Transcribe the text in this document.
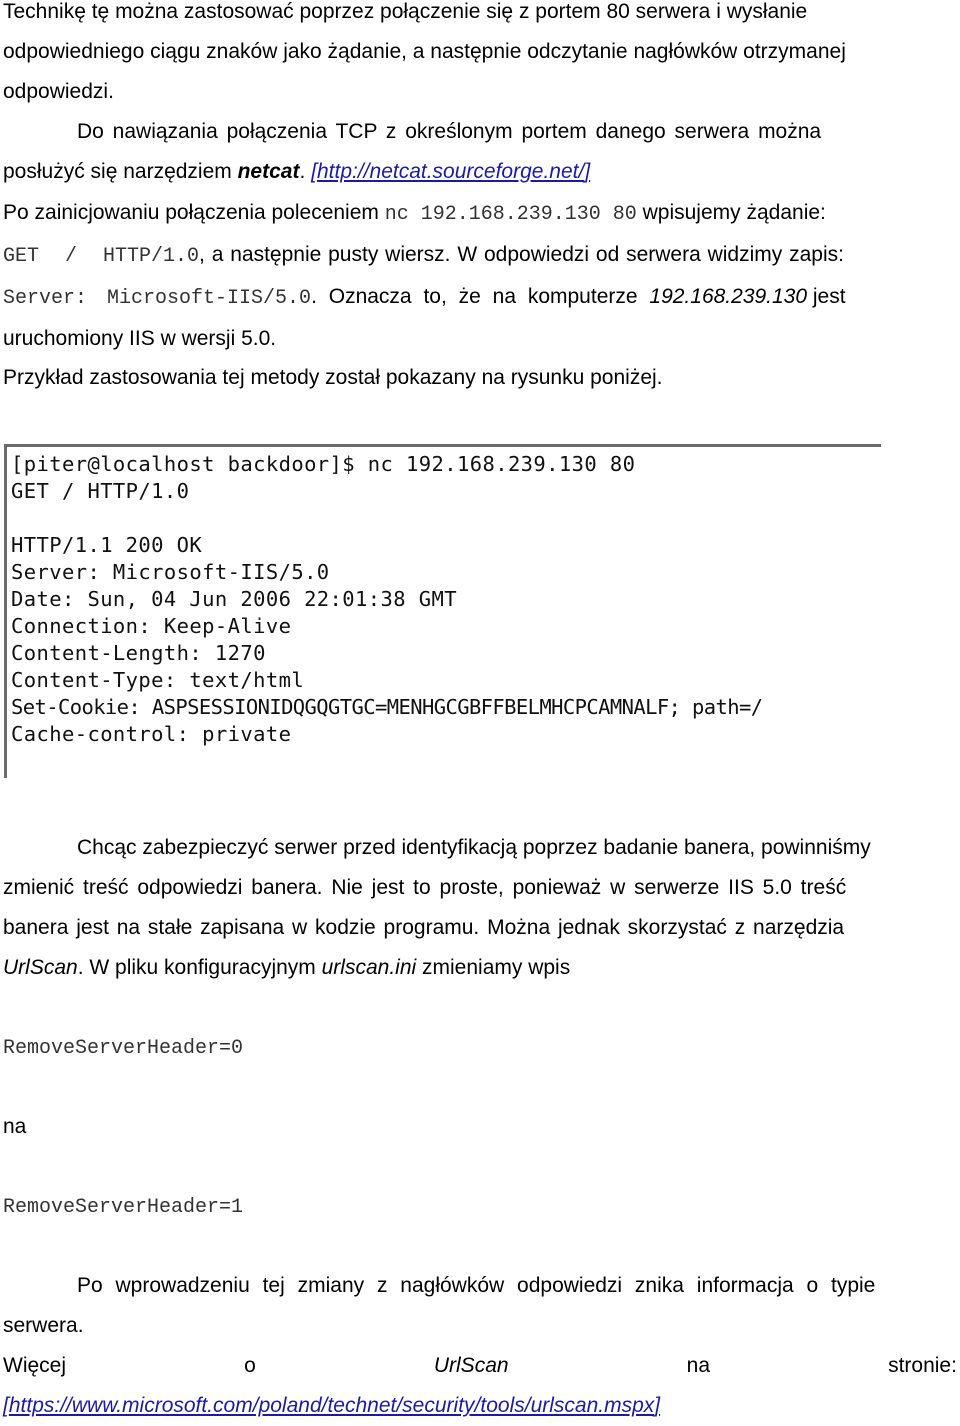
Technikę tę można zastosować poprzez połączenie się z portem 80 serwera i wysłanie
odpowiedniego ciągu znaków jako żądanie, a następnie odczytanie nagłówków otrzymanej
odpowiedzi.
Do nawiązania połączenia TCP z określonym portem danego serwera można
posłużyć się narzędziem netcat. [http://netcat.sourceforge.net/]
Po zainicjowaniu połączenia poleceniem nc 192.168.239.130 80 wpisujemy żądanie:
GET / HTTP/1.0, a następnie pusty wiersz. W odpowiedzi od serwera widzimy zapis:
Server: Microsoft-IIS/5.0. Oznacza to, że na komputerze 192.168.239.130 jest
uruchomiony IIS w wersji 5.0.
Przykład zastosowania tej metody został pokazany na rysunku poniżej.
[piter@localhost backdoor]$ nc 192.168.239.130 80
GET / HTTP/1.0
HTTP/1.1 200 OK
Server: Microsoft-IIS/5.0
Date: Sun, 04 Jun 2006 22:01:38 GMT
Connection: Keep-Alive
Content-Length: 1270
Content-Type: text/html
Set-Cookie: ASPSESSIONIDQGQGTGC=MENHGCGBFFBELMHCPCAMNALF; path=/
Cache-control: private
Chcąc zabezpieczyć serwer przed identyfikacją poprzez badanie banera, powinniśmy
zmienić treść odpowiedzi banera. Nie jest to proste, ponieważ w serwerze IIS 5.0 treść
banera jest na stałe zapisana w kodzie programu. Można jednak skorzystać z narzędzia
UrlScan. W pliku konfiguracyjnym urlscan.ini zmieniamy wpis
RemoveServerHeader=0
na
RemoveServerHeader=1
Po wprowadzeniu tej zmiany z nagłówków odpowiedzi znika informacja o typie
serwera.
Więcej	o	UrlScan	na	stronie:
[https://www.microsoft.com/poland/technet/security/tools/urlscan.mspx]
